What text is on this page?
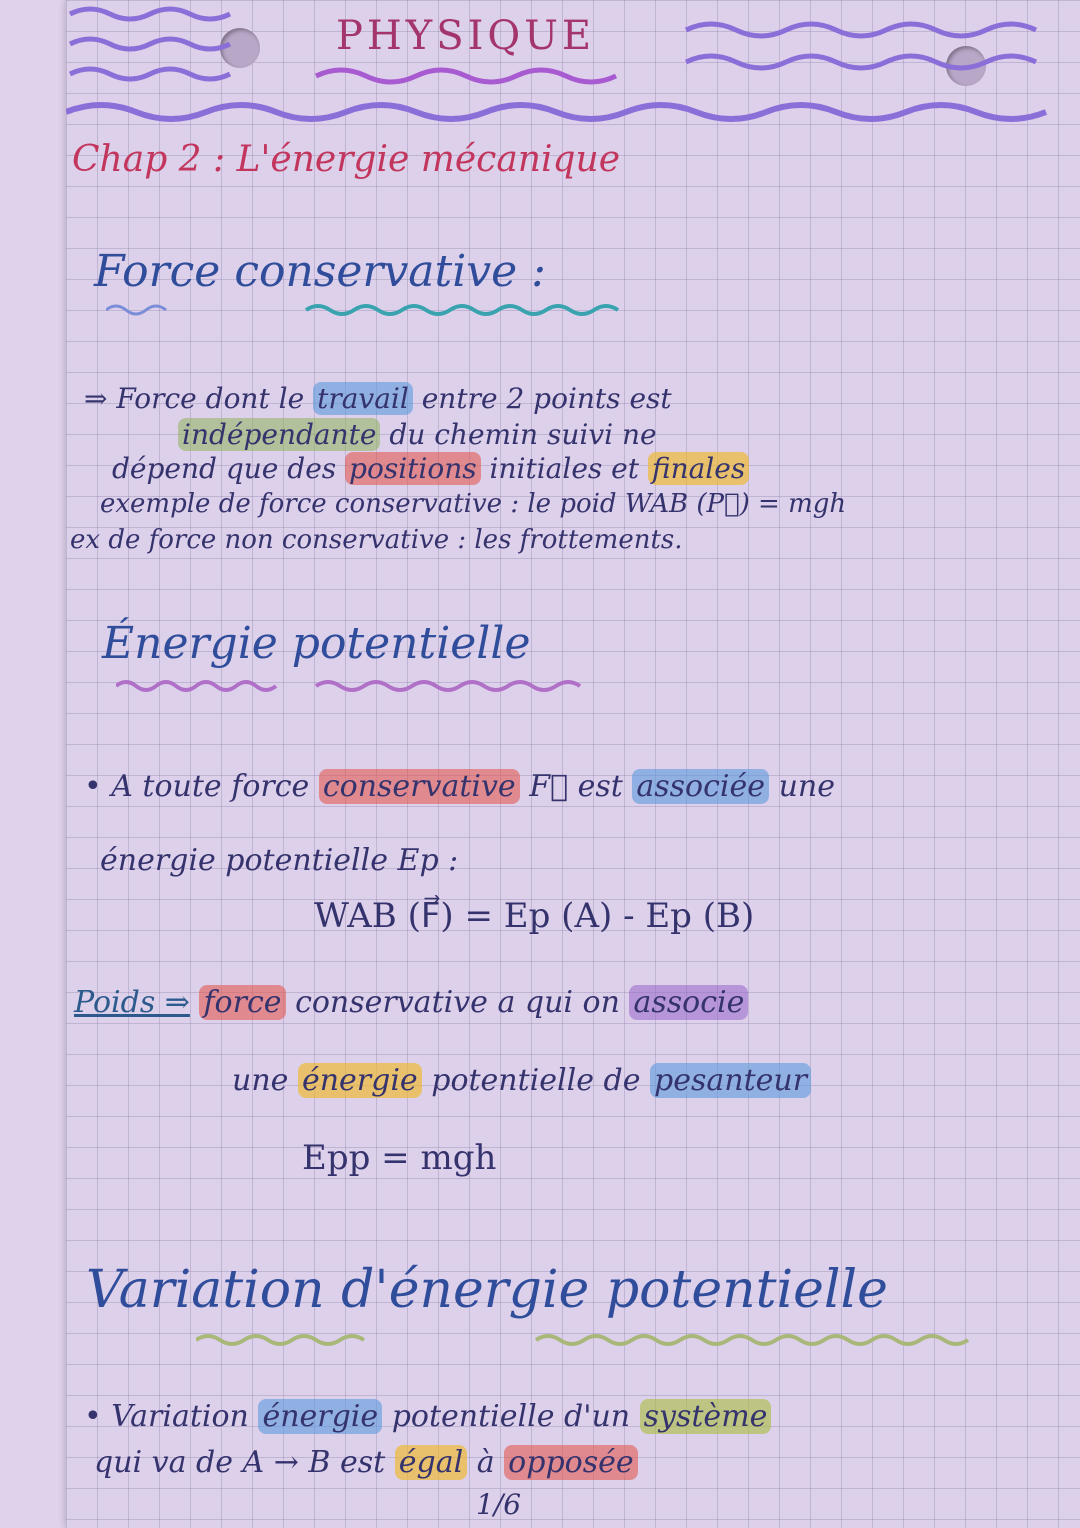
PHYSIQUE
Chap 2 : L'énergie mécanique
Force conservative :
⇒ Force dont le travail entre 2 points est
indépendante du chemin suivi ne
dépend que des positions initiales et finales
exemple de force conservative : le poid WAB (P⃗) = mgh
ex de force non conservative : les frottements.
Énergie potentielle
• A toute force conservative F⃗ est associée une
énergie potentielle Ep :
WAB (F⃗) = Ep (A) - Ep (B)
Poids ⇒ force conservative a qui on associe
une énergie potentielle de pesanteur
Epp = mgh
Variation d'énergie potentielle
• Variation énergie potentielle d'un système
qui va de A → B est égal à opposée
1/6
